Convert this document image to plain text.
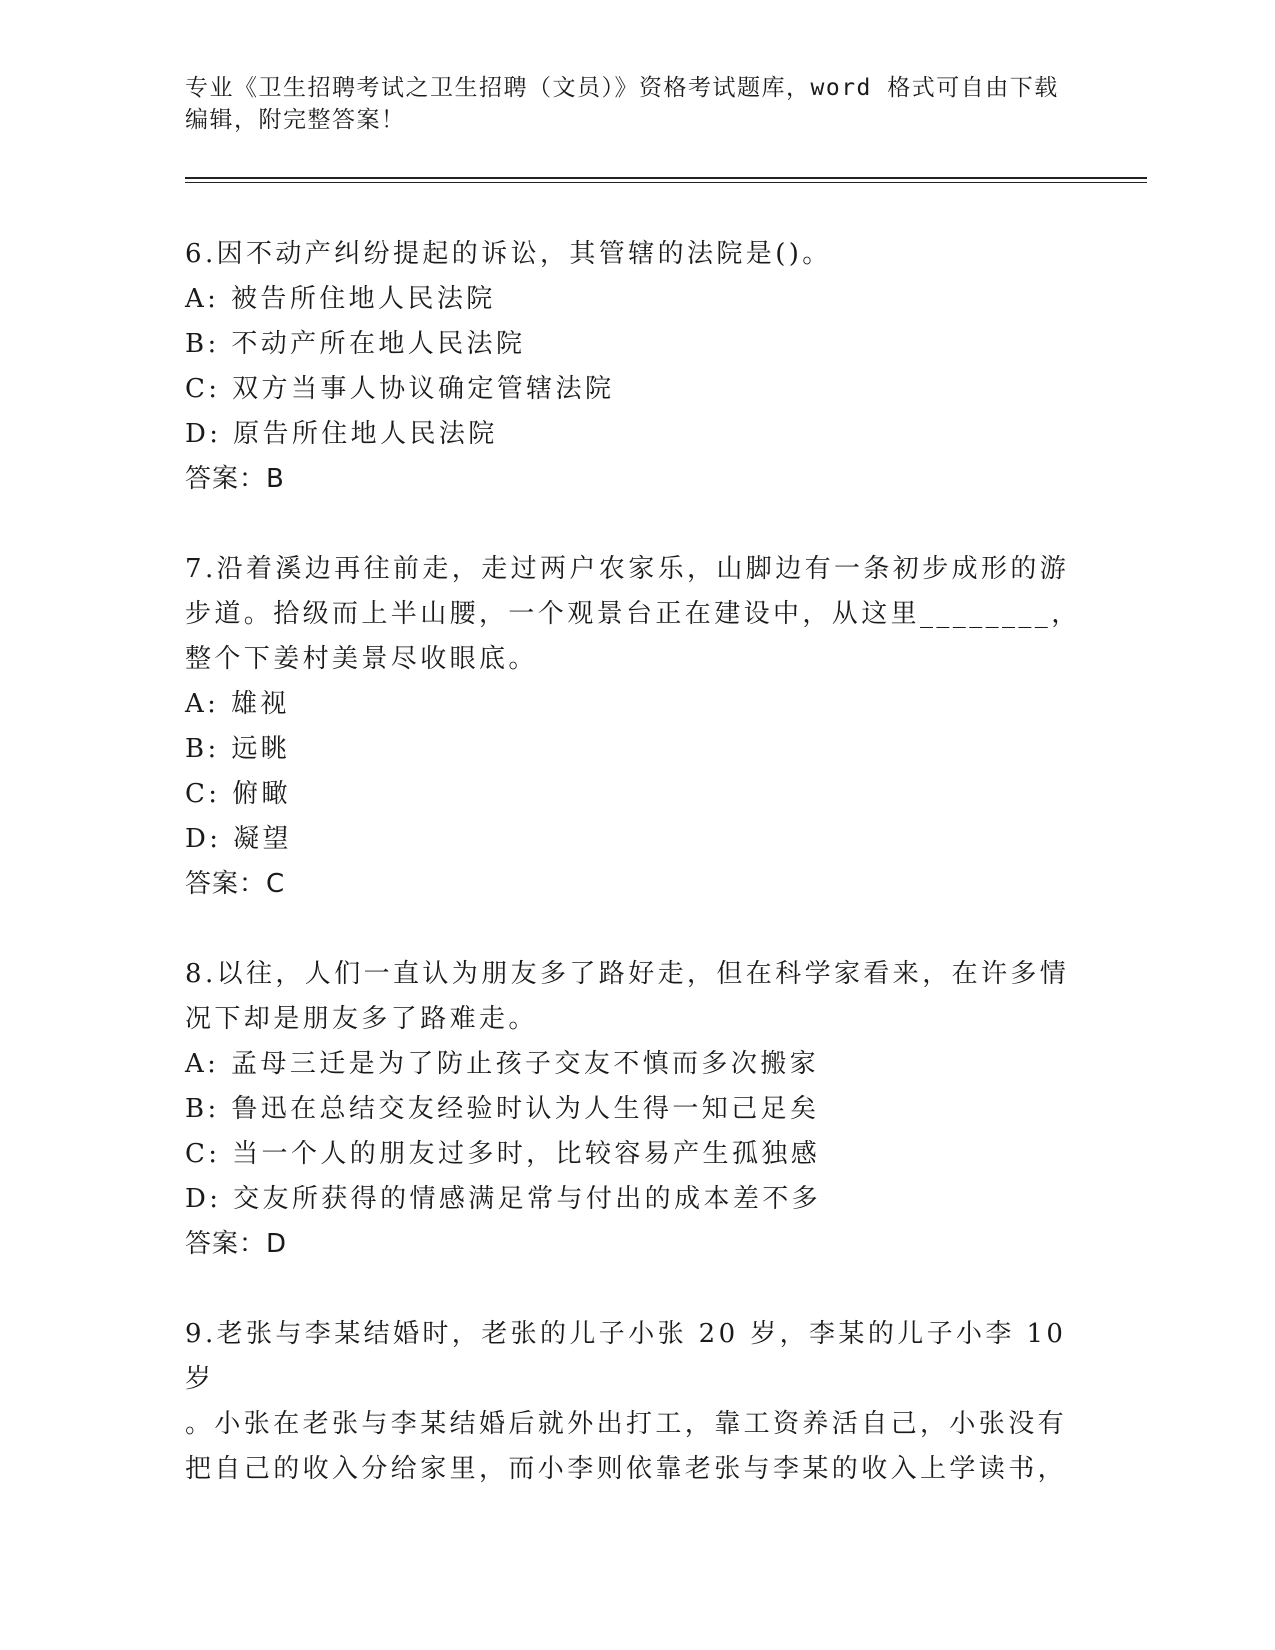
专业《卫生招聘考试之卫生招聘（文员）》资格考试题库，word 格式可自由下载
编辑，附完整答案！

6.因不动产纠纷提起的诉讼，其管辖的法院是()。

A: 被告所住地人民法院

B: 不动产所在地人民法院

C: 双方当事人协议确定管辖法院

D: 原告所住地人民法院

答案：B

7.沿着溪边再往前走，走过两户农家乐，山脚边有一条初步成形的游

步道。拾级而上半山腰，一个观景台正在建设中，从这里________，

整个下姜村美景尽收眼底。

A: 雄视

B: 远眺

C: 俯瞰

D: 凝望

答案：C

8.以往，人们一直认为朋友多了路好走，但在科学家看来，在许多情

况下却是朋友多了路难走。

A: 孟母三迁是为了防止孩子交友不慎而多次搬家

B: 鲁迅在总结交友经验时认为人生得一知己足矣

C: 当一个人的朋友过多时，比较容易产生孤独感

D: 交友所获得的情感满足常与付出的成本差不多

答案：D

9.老张与李某结婚时，老张的儿子小张 20 岁，李某的儿子小李 10 岁

。小张在老张与李某结婚后就外出打工，靠工资养活自己，小张没有

把自己的收入分给家里，而小李则依靠老张与李某的收入上学读书，
